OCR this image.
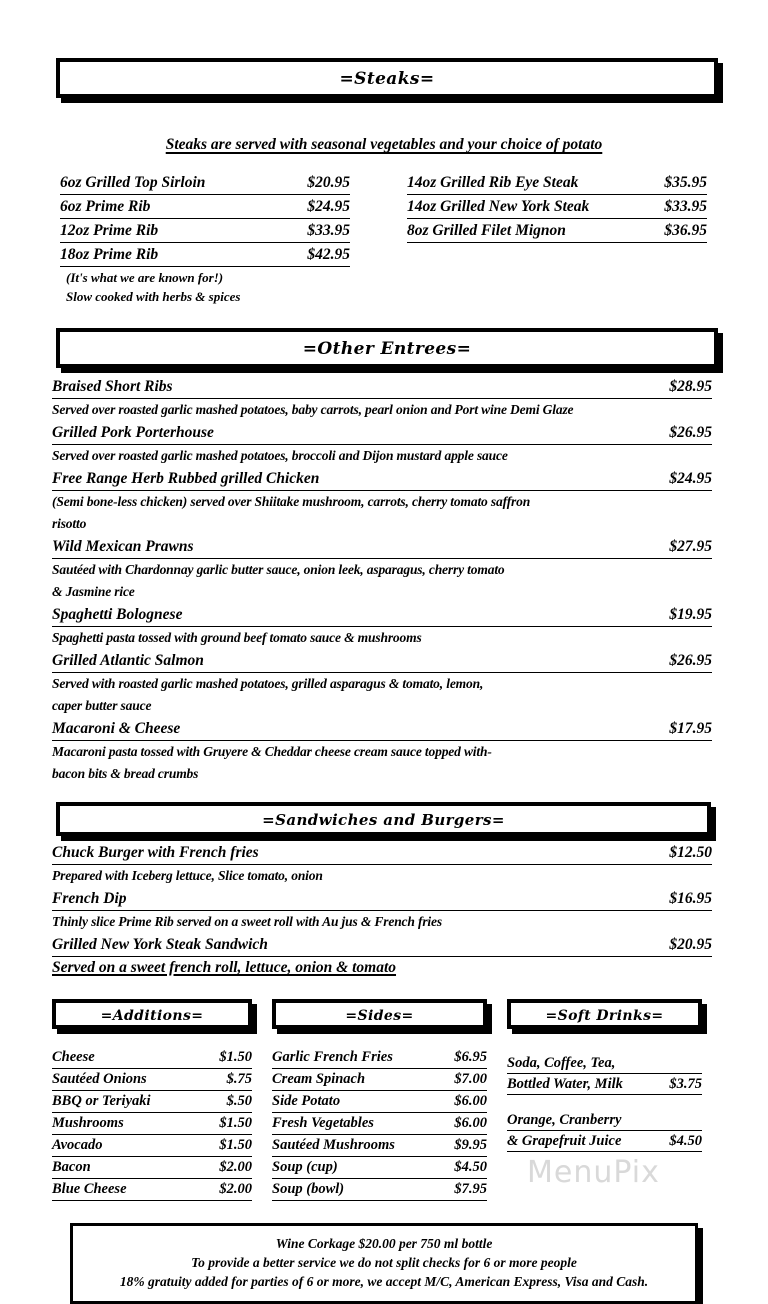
=Steaks=
Steaks are served with seasonal vegetables and your choice of potato
6oz Grilled Top Sirloin	$20.95
6oz Prime Rib	$24.95
12oz Prime Rib	$33.95
18oz Prime Rib	$42.95
(It's what we are known for!)
Slow cooked with herbs & spices
14oz Grilled Rib Eye Steak	$35.95
14oz Grilled New York Steak	$33.95
8oz Grilled Filet Mignon	$36.95
=Other Entrees=
Braised Short Ribs	$28.95
Served over roasted garlic mashed potatoes, baby carrots, pearl onion and Port wine Demi Glaze
Grilled Pork Porterhouse	$26.95
Served over roasted garlic mashed potatoes, broccoli and Dijon mustard apple sauce
Free Range Herb Rubbed grilled Chicken	$24.95
(Semi bone-less chicken) served over Shiitake mushroom, carrots, cherry tomato saffron
risotto
Wild Mexican Prawns	$27.95
Sautéed with Chardonnay garlic butter sauce, onion leek, asparagus, cherry tomato
& Jasmine rice
Spaghetti Bolognese	$19.95
Spaghetti pasta tossed with ground beef tomato sauce & mushrooms
Grilled Atlantic Salmon	$26.95
Served with roasted garlic mashed potatoes, grilled asparagus & tomato, lemon,
caper butter sauce
Macaroni & Cheese	$17.95
Macaroni pasta tossed with Gruyere & Cheddar cheese cream sauce topped with-
bacon bits & bread crumbs
=Sandwiches and Burgers=
Chuck Burger with French fries	$12.50
Prepared with Iceberg lettuce, Slice tomato, onion
French Dip	$16.95
Thinly slice Prime Rib served on a sweet roll with Au jus & French fries
Grilled New York Steak Sandwich	$20.95
Served on a sweet french roll, lettuce, onion & tomato
=Additions=
Cheese	$1.50
Sautéed Onions	$.75
BBQ or Teriyaki	$.50
Mushrooms	$1.50
Avocado	$1.50
Bacon	$2.00
Blue Cheese	$2.00
=Sides=
Garlic French Fries	$6.95
Cream Spinach	$7.00
Side Potato	$6.00
Fresh Vegetables	$6.00
Sautéed Mushrooms	$9.95
Soup (cup)	$4.50
Soup (bowl)	$7.95
=Soft Drinks=
Soda, Coffee, Tea,
Bottled Water, Milk	$3.75
Orange, Cranberry
& Grapefruit Juice	$4.50
Wine Corkage $20.00 per 750 ml bottle
To provide a better service we do not split checks for 6 or more people
18% gratuity added for parties of 6 or more, we accept M/C, American Express, Visa and Cash.
MenuPix
